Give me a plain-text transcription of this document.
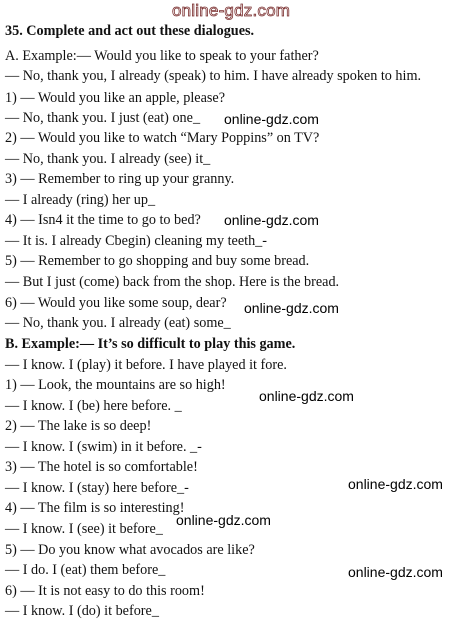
online-gdz.com
35. Complete and act out these dialogues.
A. Example:— Would you like to speak to your father?
— No, thank you, I already (speak) to him. I have already spoken to him.
1) — Would you like an apple, please?
— No, thank you. I just (eat) one_
2) — Would you like to watch “Mary Poppins” on TV?
— No, thank you. I already (see) it_
3) — Remember to ring up your granny.
— I already (ring) her up_
4) — Isn4 it the time to go to bed?
— It is. I already Cbegin) cleaning my teeth_-
5) — Remember to go shopping and buy some bread.
— But I just (come) back from the shop. Here is the bread.
6) — Would you like some soup, dear?
— No, thank you. I already (eat) some_
B. Example:— It’s so difficult to play this game.
— I know. I (play) it before. I have played it fore.
1) — Look, the mountains are so high!
— I know. I (be) here before. _
2) — The lake is so deep!
— I know. I (swim) in it before. _-
3) — The hotel is so comfortable!
— I know. I (stay) here before_-
4) — The film is so interesting!
— I know. I (see) it before_
5) — Do you know what avocados are like?
— I do. I (eat) them before_
6) — It is not easy to do this room!
— I know. I (do) it before_
online-gdz.com
online-gdz.com
online-gdz.com
online-gdz.com
online-gdz.com
online-gdz.com
online-gdz.com
